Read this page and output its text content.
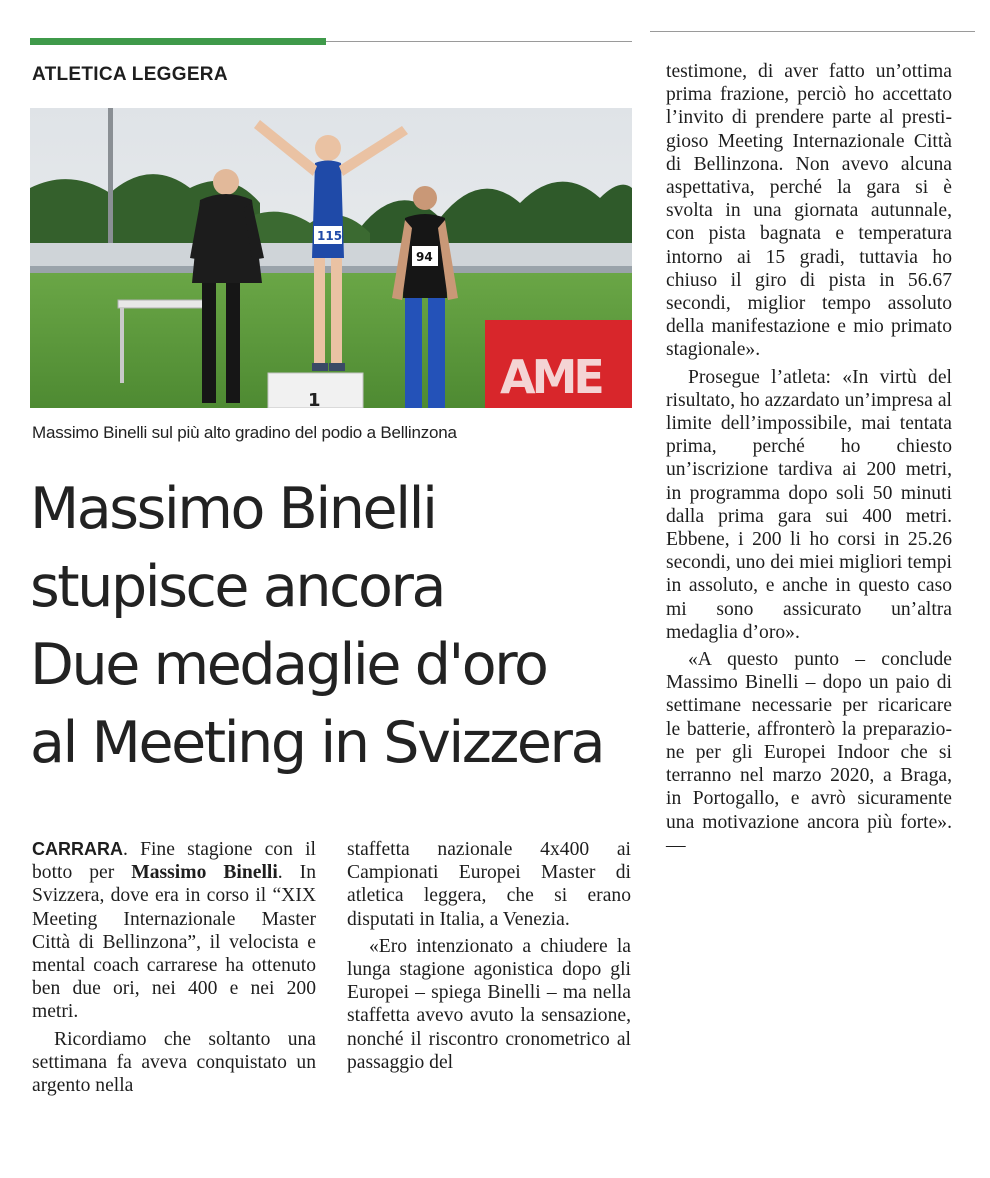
ATLETICA LEGGERA
AME
1
115
94
Massimo Binelli sul più alto gradino del podio a Bellinzona
Massimo Binelli
stupisce ancora
Due medaglie d'oro
al Meeting in Svizzera

CARRARA. Fine stagione con il botto per Massimo Binelli. In Svizzera, dove era in corso il “XIX Meeting Internazionale Master Città di Bellinzona”, il velocista e mental coach carrarese ha ottenuto ben due ori, nei 400 e nei 200 metri.

Ricordiamo che soltanto una settimana fa aveva conquistato un argento nella

staffetta nazionale 4x400 ai Campionati Europei Master di atletica leggera, che si erano disputati in Italia, a Venezia.

«Ero intenzionato a chiudere la lunga stagione agonistica dopo gli Europei – spiega Binelli – ma nella staffetta avevo avuto la sensazione, nonché il riscontro cronometrico al passaggio del

testimone, di aver fatto un’ottima prima frazione, perciò ho accettato l’invito di prendere parte al prestigioso Meeting Internazionale Città di Bellinzona. Non avevo alcuna aspettativa, perché la gara si è svolta in una giornata autunnale, con pista bagnata e temperatura intorno ai 15 gradi, tuttavia ho chiuso il giro di pista in 56.67 secondi, miglior tempo assoluto della manifestazione e mio primato stagionale».

Prosegue l’atleta: «In virtù del risultato, ho azzardato un’impresa al limite dell’impossibile, mai tentata prima, perché ho chiesto un’iscrizione tardiva ai 200 metri, in programma dopo soli 50 minuti dalla prima gara sui 400 metri. Ebbene, i 200 li ho corsi in 25.26 secondi, uno dei miei migliori tempi in assoluto, e anche in questo caso mi sono assicurato un’altra medaglia d’oro».

«A questo punto – conclude Massimo Binelli – dopo un paio di settimane necessarie per ricaricare le batterie, affronterò la preparazione per gli Europei Indoor che si terranno nel marzo 2020, a Braga, in Portogallo, e avrò sicuramente una motivazione ancora più forte». —
